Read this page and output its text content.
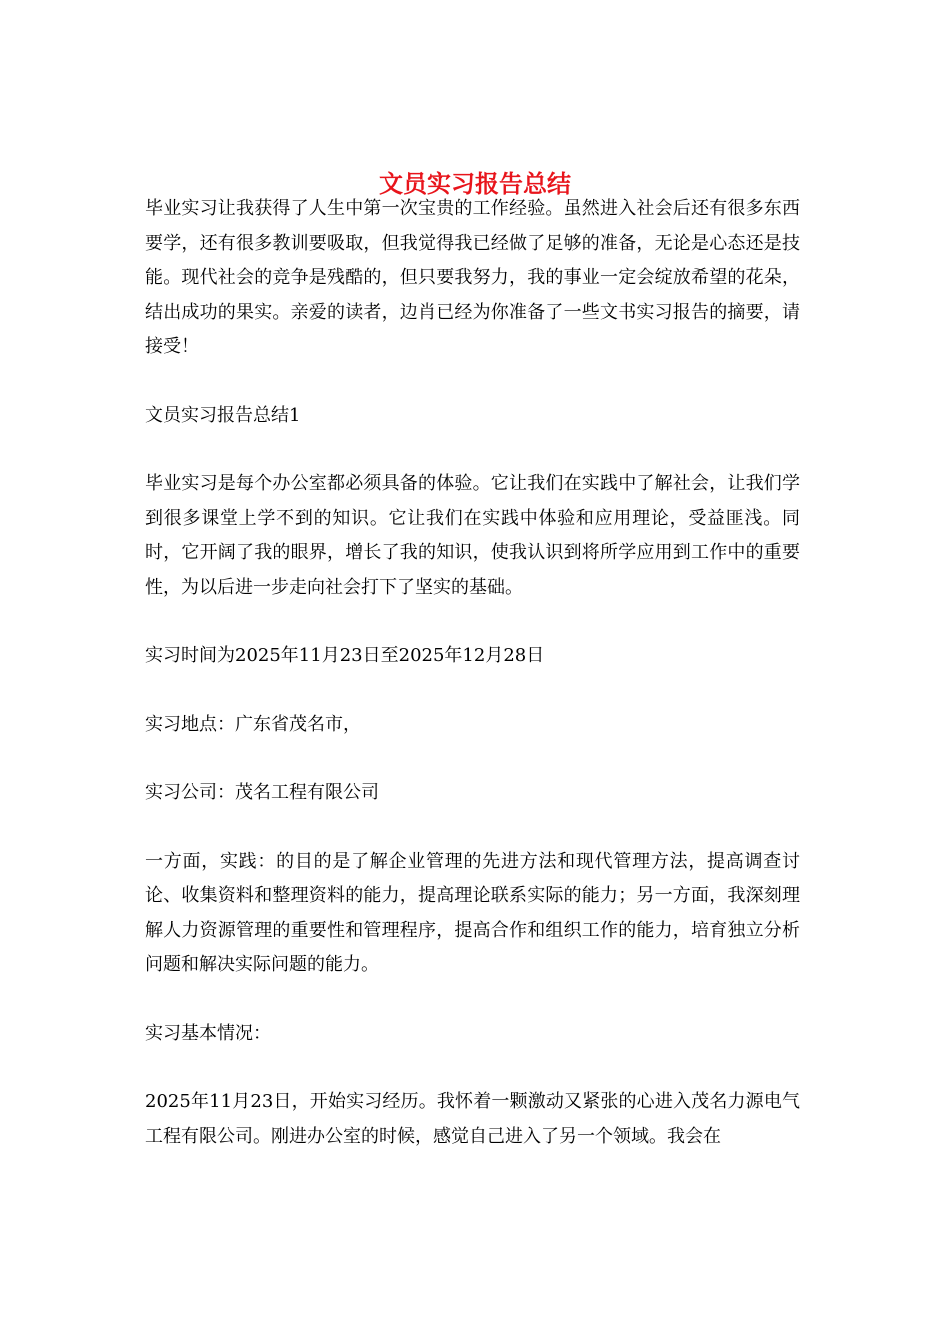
文员实习报告总结

毕业实习让我获得了人生中第一次宝贵的工作经验。虽然进入社会后还有很多东西要学，还有很多教训要吸取，但我觉得我已经做了足够的准备，无论是心态还是技能。现代社会的竞争是残酷的，但只要我努力，我的事业一定会绽放希望的花朵，结出成功的果实。亲爱的读者，边肖已经为你准备了一些文书实习报告的摘要，请接受！

文员实习报告总结1

毕业实习是每个办公室都必须具备的体验。它让我们在实践中了解社会，让我们学到很多课堂上学不到的知识。它让我们在实践中体验和应用理论，受益匪浅。同时，它开阔了我的眼界，增长了我的知识，使我认识到将所学应用到工作中的重要性，为以后进一步走向社会打下了坚实的基础。

实习时间为2025年11月23日至2025年12月28日

实习地点：广东省茂名市，

实习公司：茂名工程有限公司

一方面，实践：的目的是了解企业管理的先进方法和现代管理方法，提高调查讨论、收集资料和整理资料的能力，提高理论联系实际的能力；另一方面，我深刻理解人力资源管理的重要性和管理程序，提高合作和组织工作的能力，培育独立分析问题和解决实际问题的能力。

实习基本情况：

2025年11月23日，开始实习经历。我怀着一颗激动又紧张的心进入茂名力源电气工程有限公司。刚进办公室的时候，感觉自己进入了另一个领域。我会在
